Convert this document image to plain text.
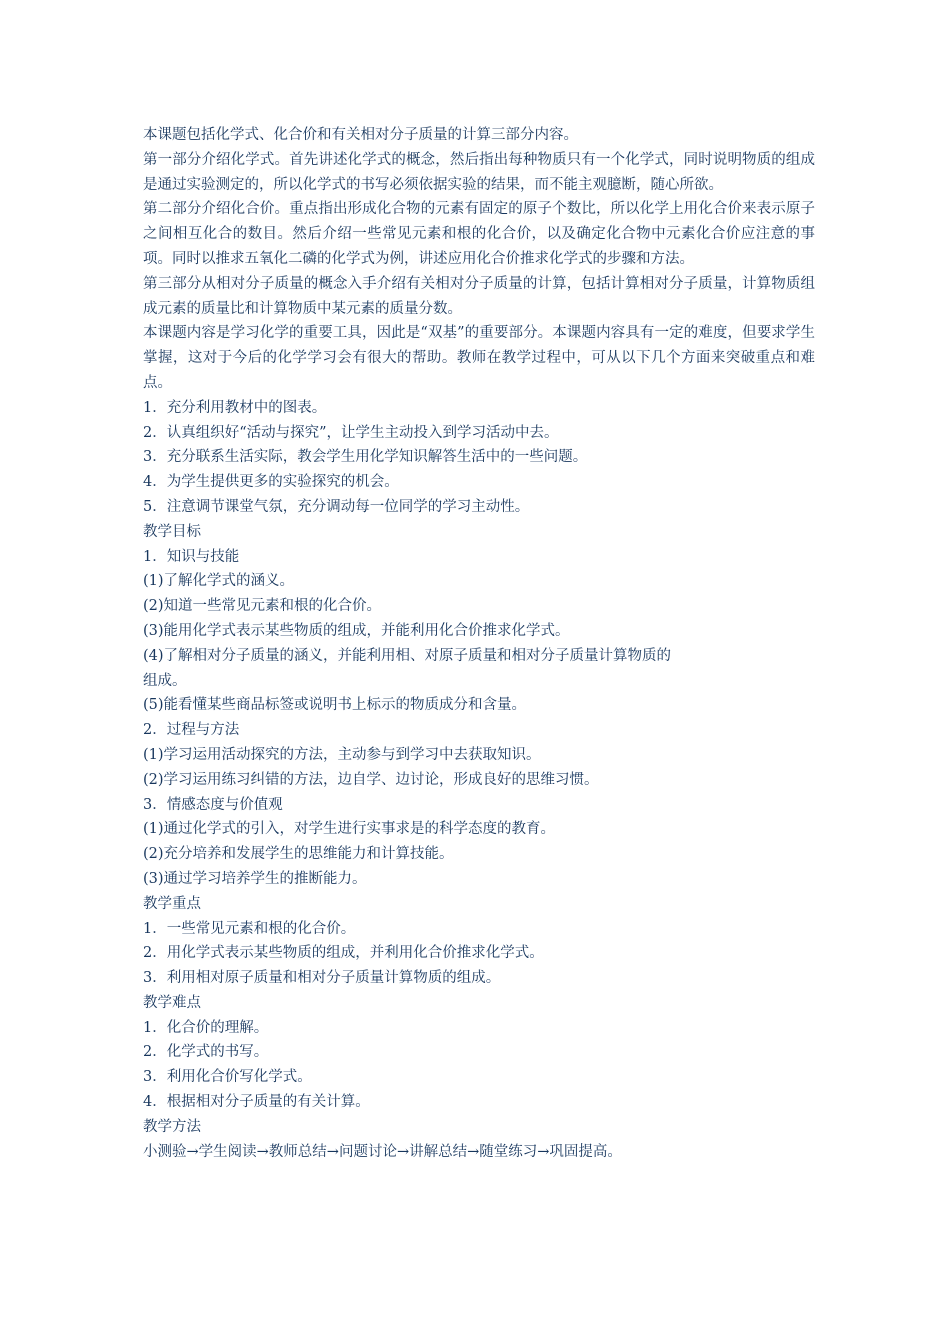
本课题包括化学式、化合价和有关相对分子质量的计算三部分内容。

第一部分介绍化学式。首先讲述化学式的概念，然后指出每种物质只有一个化学式，同时说明物质的组成是通过实验测定的，所以化学式的书写必须依据实验的结果，而不能主观臆断，随心所欲。

第二部分介绍化合价。重点指出形成化合物的元素有固定的原子个数比，所以化学上用化合价来表示原子之间相互化合的数目。然后介绍一些常见元素和根的化合价，以及确定化合物中元素化合价应注意的事项。同时以推求五氧化二磷的化学式为例，讲述应用化合价推求化学式的步骤和方法。

第三部分从相对分子质量的概念入手介绍有关相对分子质量的计算，包括计算相对分子质量，计算物质组成元素的质量比和计算物质中某元素的质量分数。

本课题内容是学习化学的重要工具，因此是“双基”的重要部分。本课题内容具有一定的难度，但要求学生掌握，这对于今后的化学学习会有很大的帮助。教师在教学过程中，可从以下几个方面来突破重点和难点。

1．充分利用教材中的图表。

2．认真组织好“活动与探究”，让学生主动投入到学习活动中去。

3．充分联系生活实际，教会学生用化学知识解答生活中的一些问题。

4．为学生提供更多的实验探究的机会。

5．注意调节课堂气氛，充分调动每一位同学的学习主动性。

教学目标

1．知识与技能

(1)了解化学式的涵义。

(2)知道一些常见元素和根的化合价。

(3)能用化学式表示某些物质的组成，并能利用化合价推求化学式。

(4)了解相对分子质量的涵义，并能利用相、对原子质量和相对分子质量计算物质的

组成。

(5)能看懂某些商品标签或说明书上标示的物质成分和含量。

2．过程与方法

(1)学习运用活动探究的方法，主动参与到学习中去获取知识。

(2)学习运用练习纠错的方法，边自学、边讨论，形成良好的思维习惯。

3．情感态度与价值观

(1)通过化学式的引入，对学生进行实事求是的科学态度的教育。

(2)充分培养和发展学生的思维能力和计算技能。

(3)通过学习培养学生的推断能力。

教学重点

1．一些常见元素和根的化合价。

2．用化学式表示某些物质的组成，并利用化合价推求化学式。

3．利用相对原子质量和相对分子质量计算物质的组成。

教学难点

1．化合价的理解。

2．化学式的书写。

3．利用化合价写化学式。

4．根据相对分子质量的有关计算。

教学方法

小测验→学生阅读→教师总结→问题讨论→讲解总结→随堂练习→巩固提高。
